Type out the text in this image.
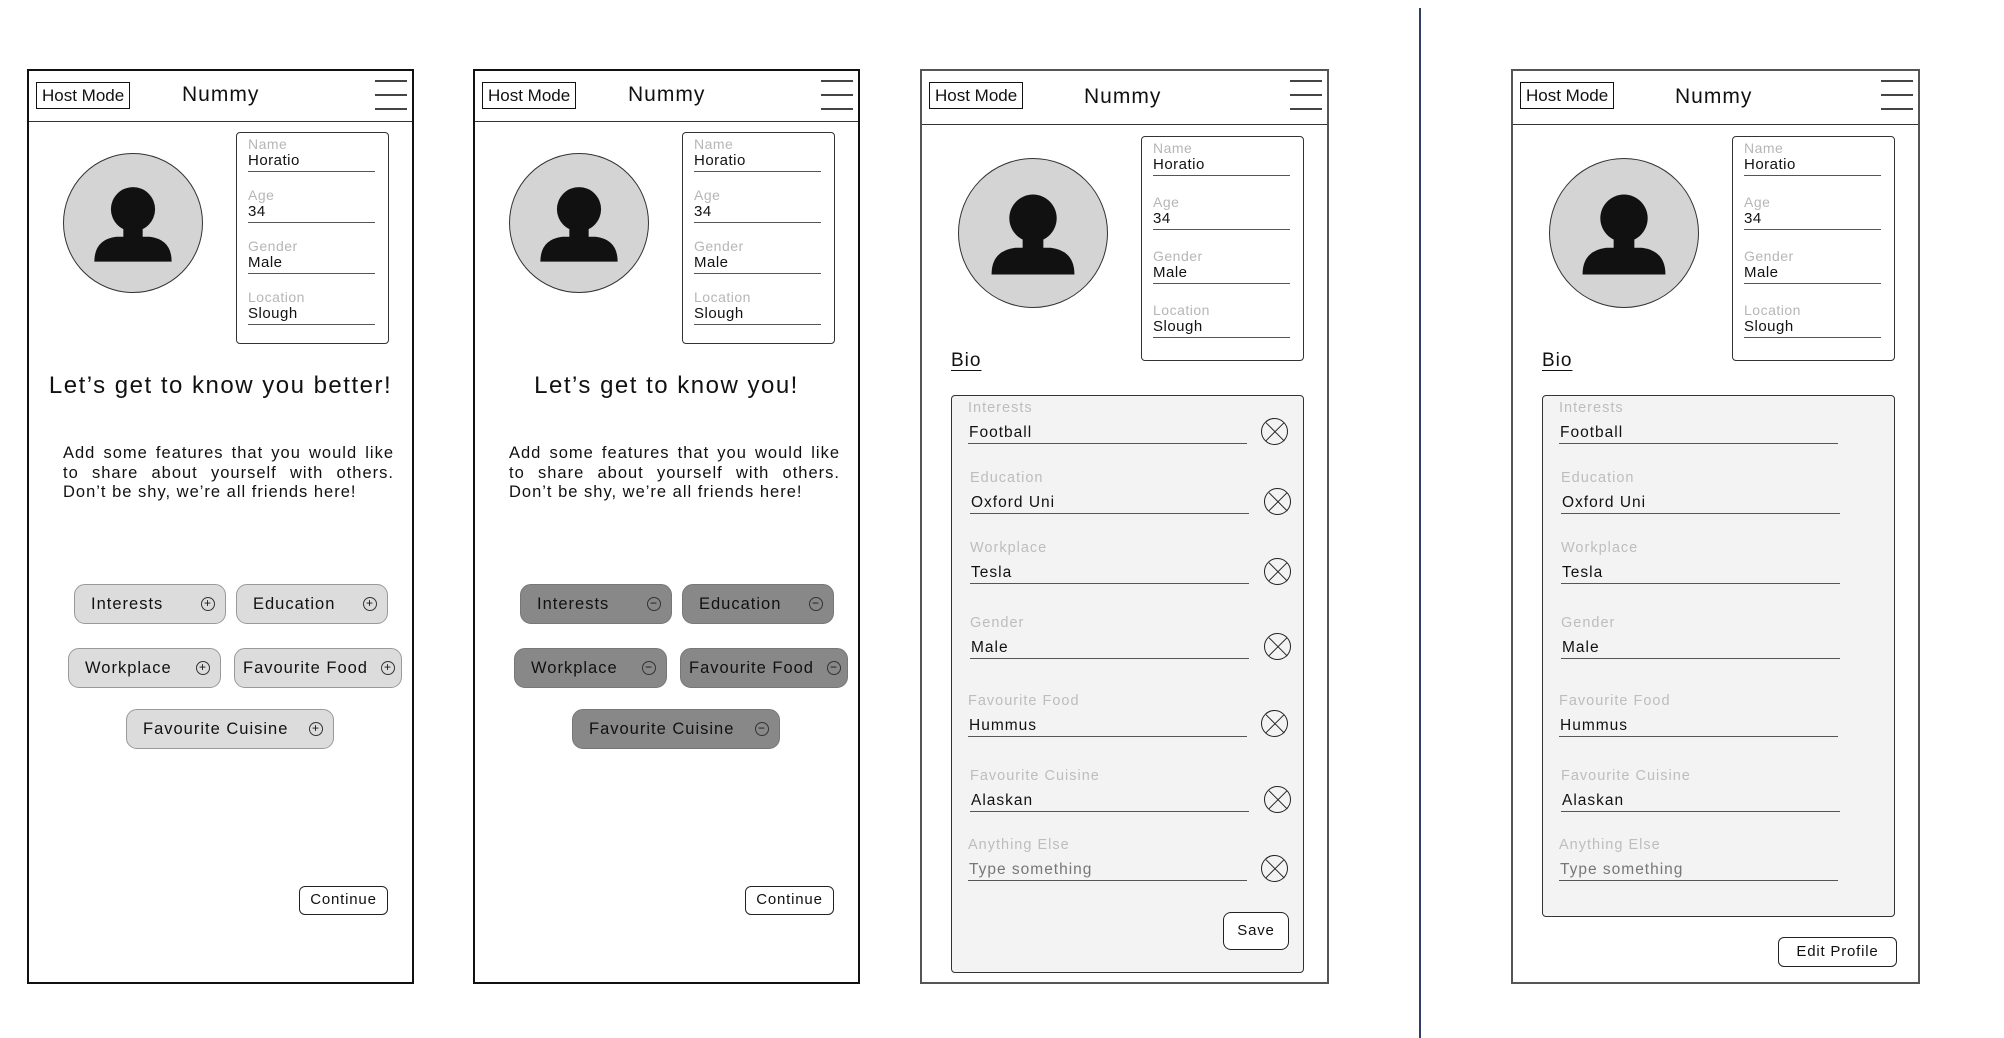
Host Mode	Nummy
Name
Horatio
Age
34
Gender
Male
Location
Slough
Let’s get to know you better!
Add some features that you would like
to share about yourself with others.
Don’t be shy, we’re all friends here!
Interests	+	Education	+
Workplace +	Favourite Food +
Favourite Cuisine +
Continue
Host Mode	Nummy
Name
Horatio
Age
34
Gender
Male
Location
Slough
Let’s get to know you!
Add some features that you would like
to share about yourself with others.
Don’t be shy, we’re all friends here!
Interests	−	Education	−
Workplace −	Favourite Food −
Favourite Cuisine −
Continue
Host Mode	Nummy
Name
Horatio
Age
34
Gender
Male
Location
Slough
Bio
Interests
Football
Education
Oxford Uni
Workplace
Tesla
Gender
Male
Favourite Food
Hummus
Favourite Cuisine
Alaskan
Anything Else
Type something
Save
Host Mode	Nummy
Name
Horatio
Age
34
Gender
Male
Location
Slough
Bio
Interests
Football
Education
Oxford Uni
Workplace
Tesla
Gender
Male
Favourite Food
Hummus
Favourite Cuisine
Alaskan
Anything Else
Type something
Edit Profile
